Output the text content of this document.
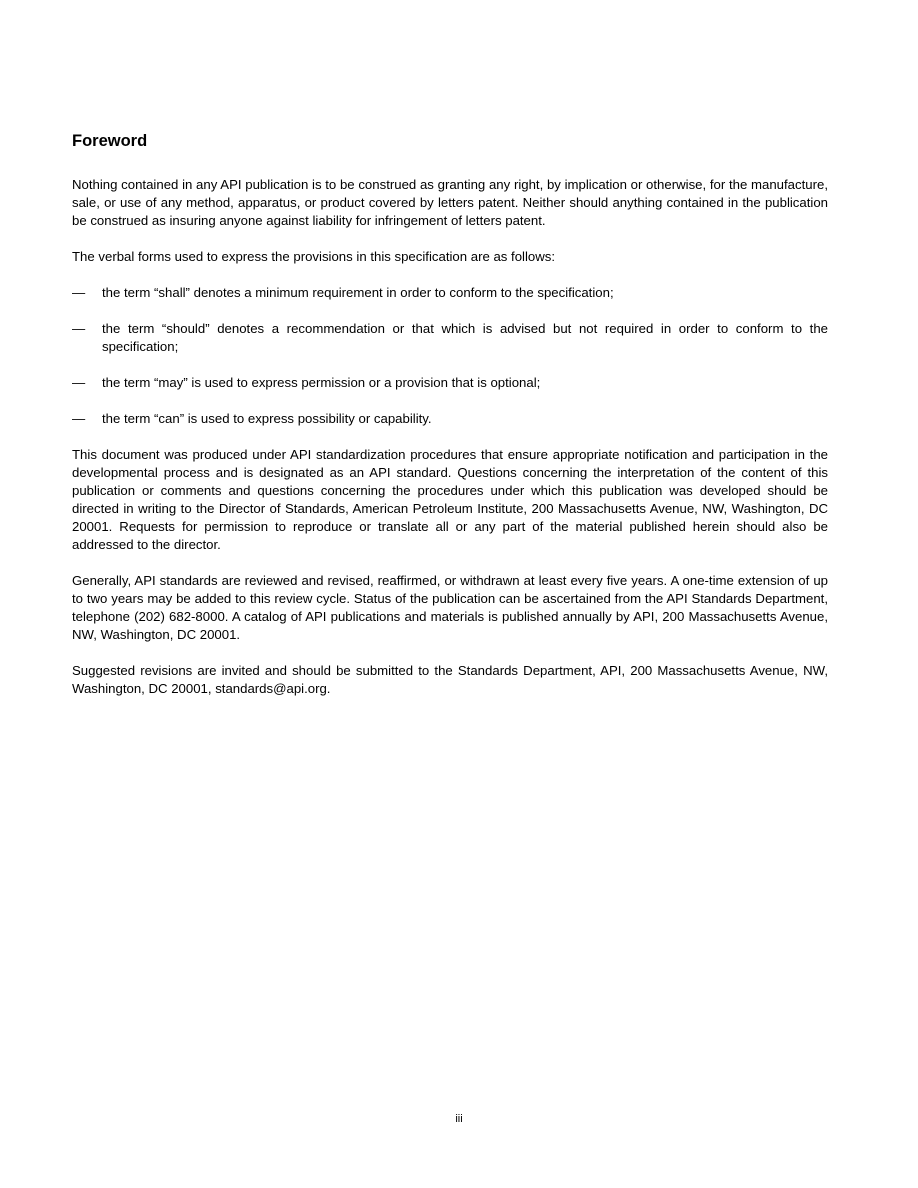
Foreword

Nothing contained in any API publication is to be construed as granting any right, by implication or otherwise, for the manufacture, sale, or use of any method, apparatus, or product covered by letters patent. Neither should anything contained in the publication be construed as insuring anyone against liability for infringement of letters patent.

The verbal forms used to express the provisions in this specification are as follows:

— the term “shall” denotes a minimum requirement in order to conform to the specification;
— the term “should” denotes a recommendation or that which is advised but not required in order to conform to the specification;
— the term “may” is used to express permission or a provision that is optional;
— the term “can” is used to express possibility or capability.

This document was produced under API standardization procedures that ensure appropriate notification and participation in the developmental process and is designated as an API standard. Questions concerning the interpretation of the content of this publication or comments and questions concerning the procedures under which this publication was developed should be directed in writing to the Director of Standards, American Petroleum Institute, 200 Massachusetts Avenue, NW, Washington, DC 20001. Requests for permission to reproduce or translate all or any part of the material published herein should also be addressed to the director.

Generally, API standards are reviewed and revised, reaffirmed, or withdrawn at least every five years. A one-time extension of up to two years may be added to this review cycle. Status of the publication can be ascertained from the API Standards Department, telephone (202) 682-8000. A catalog of API publications and materials is published annually by API, 200 Massachusetts Avenue, NW, Washington, DC 20001.

Suggested revisions are invited and should be submitted to the Standards Department, API, 200 Massachusetts Avenue, NW, Washington, DC 20001, standards@api.org.

iii
